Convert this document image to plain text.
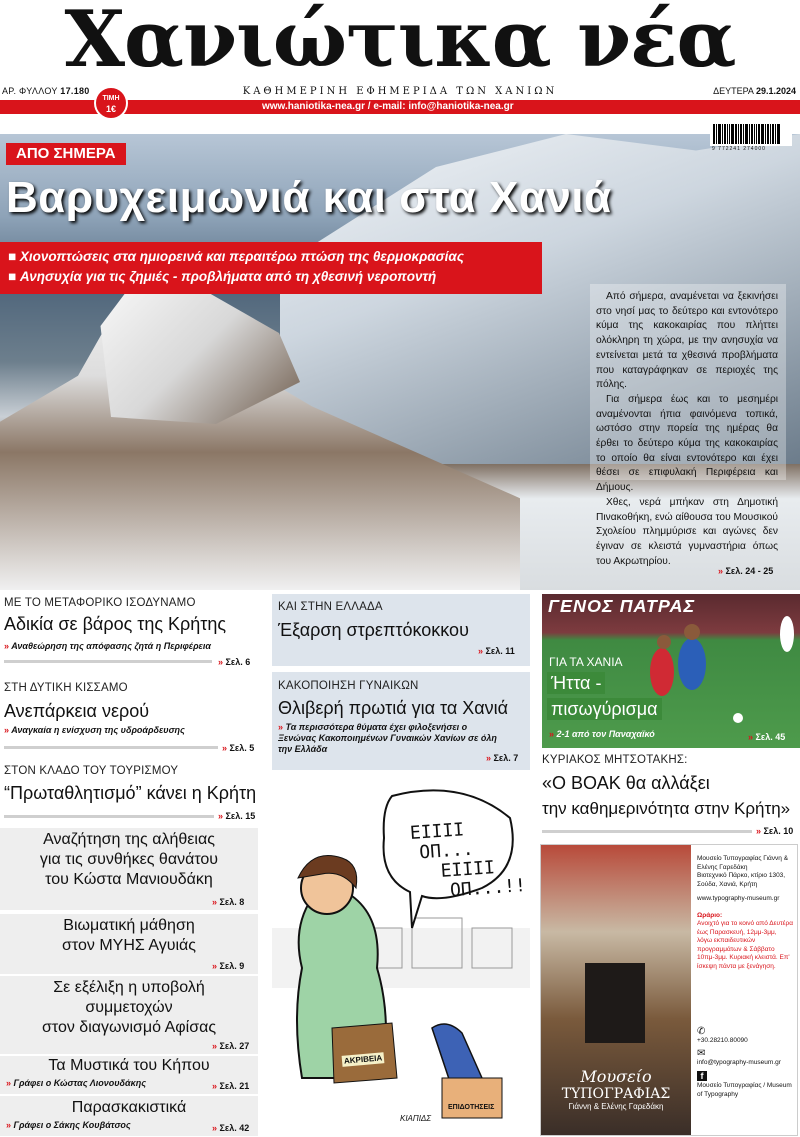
Χανιώτικα νέα
ΑΡ. ΦΥΛΛΟΥ 17.180	ΚΑΘΗΜΕΡΙΝΗ ΕΦΗΜΕΡΙΔΑ ΤΩΝ ΧΑΝΙΩΝ	ΔΕΥΤΕΡΑ 29.1.2024
www.haniotika-nea.gr / e-mail: info@haniotika-nea.gr
ΤΙΜΗ
1€
9 772241 274000
ΑΠΟ ΣΗΜΕΡΑ
Βαρυχειμωνιά και στα Χανιά
■ Χιονοπτώσεις στα ημιορεινά και περαιτέρω πτώση της θερμοκρασίας
■ Ανησυχία για τις ζημιές - προβλήματα από τη χθεσινή νεροποντή

Από σήμερα, αναμένεται να ξεκινήσει στο νησί μας το δεύτερο και εντονότερο κύμα της κακοκαιρίας που πλήττει ολόκληρη τη χώρα, με την ανησυχία να εντείνεται μετά τα χθεσινά προβλήματα που καταγράφηκαν σε περιοχές της πόλης.

Για σήμερα έως και το μεσημέρι αναμένονται ήπια φαινόμενα τοπικά, ωστόσο στην πορεία της ημέρας θα έρθει το δεύτερο κύμα της κακοκαιρίας το οποίο θα είναι εντονότερο και έχει θέσει σε επιφυλακή Περιφέρεια και Δήμους.

Χθες, νερά μπήκαν στη Δημοτική Πινακοθήκη, ενώ αίθουσα του Μουσικού Σχολείου πλημμύρισε και αγώνες δεν έγιναν σε κλειστά γυμναστήρια όπως του Ακρωτηρίου.

» Σελ. 24 - 25
ΜΕ ΤΟ ΜΕΤΑΦΟΡΙΚΟ ΙΣΟΔΥΝΑΜΟ
Αδικία σε βάρος της Κρήτης
» Αναθεώρηση της απόφασης ζητά η Περιφέρεια
» Σελ. 6
ΣΤΗ ΔΥΤΙΚΗ ΚΙΣΣΑΜΟ
Ανεπάρκεια νερού
» Αναγκαία η ενίσχυση της υδροάρδευσης
» Σελ. 5
ΣΤΟΝ ΚΛΑΔΟ ΤΟΥ ΤΟΥΡΙΣΜΟΥ
“Πρωταθλητισμό” κάνει η Κρήτη
» Σελ. 15
Αναζήτηση της αλήθειας
για τις συνθήκες θανάτου
του Κώστα Μανιουδάκη
» Σελ. 8
Βιωματική μάθηση
στον ΜΥΗΣ Αγυιάς
» Σελ. 9
Σε εξέλιξη η υποβολή
συμμετοχών
στον διαγωνισμό Αφίσας
» Σελ. 27
Τα Μυστικά του Κήπου
» Γράφει ο Κώστας Λιονουδάκης	» Σελ. 21
Παρασκακιστικά
» Γράφει ο Σάκης Κουβάτσος	» Σελ. 42
ΚΑΙ ΣΤΗΝ ΕΛΛΑΔΑ
Έξαρση στρεπτόκοκκου
» Σελ. 11
ΚΑΚΟΠΟΙΗΣΗ ΓΥΝΑΙΚΩΝ
Θλιβερή πρωτιά για τα Χανιά
» Τα περισσότερα θύματα έχει φιλοξενήσει ο Ξενώνας Κακοποιημένων Γυναικών Χανίων σε όλη την Ελλάδα
» Σελ. 7
ΕΙΙΙΙ
ΟΠ...
ΕΙΙΙΙ
ΟΠ...!!
ΑΚΡΙΒΕΙΑ
ΕΠΙΔΟΤΗΣΕΙΣ
ΚΙΑΠΙΔΣ
ΓΕΝΟΣ ΠΑΤΡΑΣ
ΓΙΑ ΤΑ ΧΑΝΙΑ
Ήττα -
πισωγύρισμα
» 2-1 από τον Παναχαϊκό	» Σελ. 45
ΚΥΡΙΑΚΟΣ ΜΗΤΣΟΤΑΚΗΣ:
«Ο ΒΟΑΚ θα αλλάξει
την καθημερινότητα στην Κρήτη»
» Σελ. 10
Μουσείο
ΤΥΠΟΓΡΑΦΙΑΣ
Γιάννη & Ελένης Γαρεδάκη
Μουσείο Τυπογραφίας Γιάννη & Ελένης Γαρεδάκη
Βιοτεχνικό Πάρκο, κτίριο 1303, Σούδα, Χανιά, Κρήτη
www.typography-museum.gr
Ωράριο:
Ανοιχτό για το κοινό από Δευτέρα έως Παρασκευή, 12μμ-3μμ, λόγω εκπαιδευτικών προγραμμάτων & Σάββατο 10πμ-3μμ. Κυριακή κλειστά. Επ' ίσκεψη πάντα με ξενάγηση.
✆
+30.28210.80090
✉
info@typography-museum.gr
f
Μουσείο Τυπογραφίας / Museum of Typography
